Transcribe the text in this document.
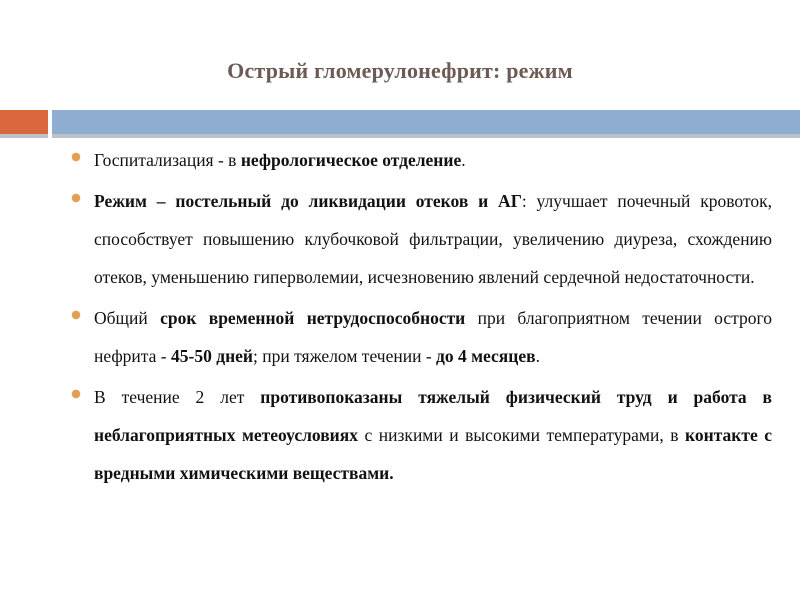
Острый гломерулонефрит: режим
Госпитализация - в нефрологическое отделение.
Режим – постельный до ликвидации отеков и АГ: улучшает почечный кровоток, способствует повышению клубочковой фильтрации, увеличению диуреза, схождению отеков, уменьшению гиперволемии, исчезновению явлений сердечной недостаточности.
Общий срок временной нетрудоспособности при благоприятном течении острого нефрита - 45-50 дней; при тяжелом течении - до 4 месяцев.
В течение 2 лет противопоказаны тяжелый физический труд и работа в неблагоприятных метеоусловиях с низкими и высокими температурами, в контакте с вредными химическими веществами.
